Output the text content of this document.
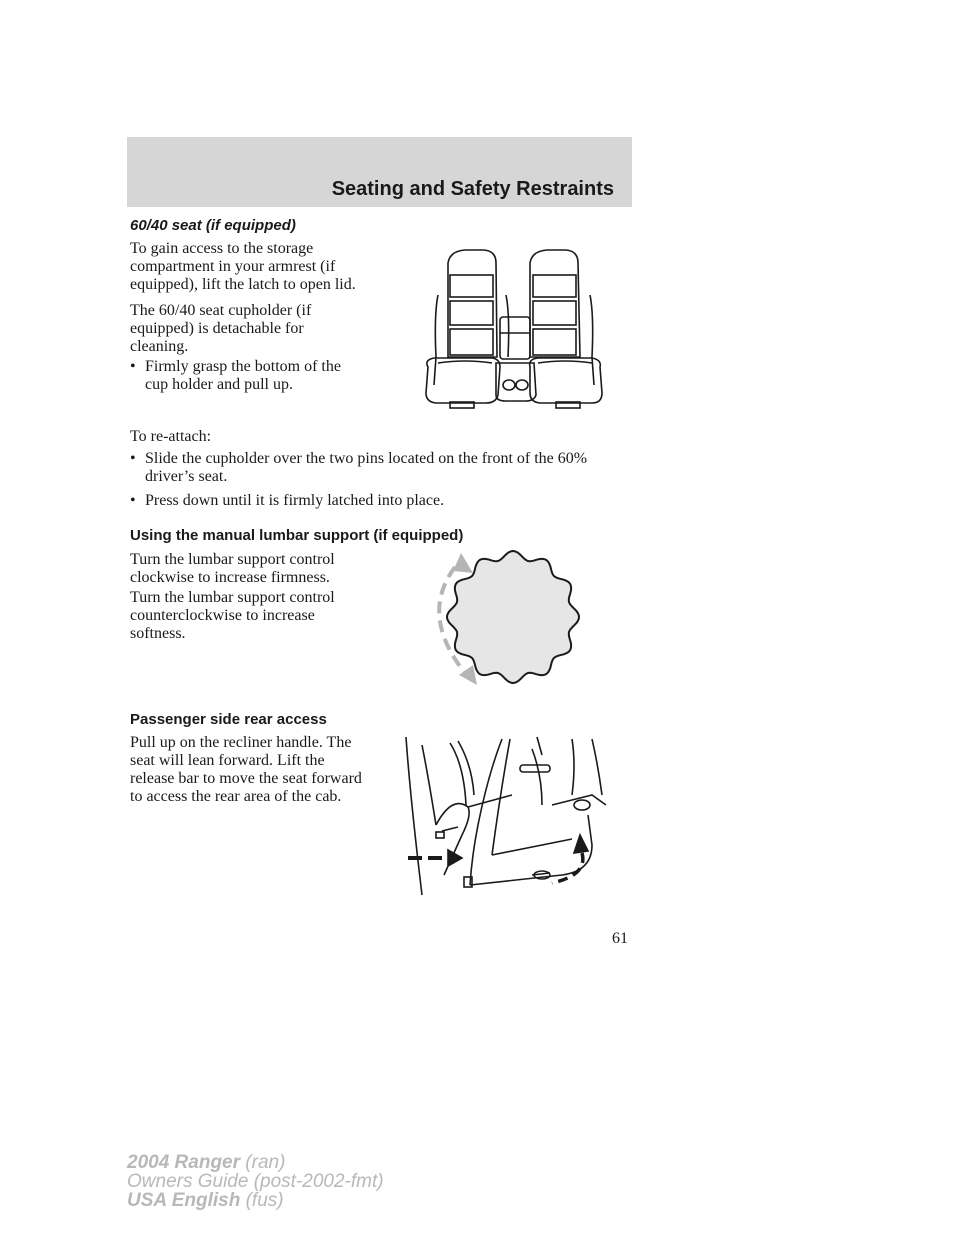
Seating and Safety Restraints
60/40 seat (if equipped)
To gain access to the storage
compartment in your armrest (if
equipped), lift the latch to open lid.
The 60/40 seat cupholder (if
equipped) is detachable for
cleaning.
• Firmly grasp the bottom of the
cup holder and pull up.
To re-attach:
• Slide the cupholder over the two pins located on the front of the 60%
driver’s seat.
• Press down until it is firmly latched into place.
Using the manual lumbar support (if equipped)
Turn the lumbar support control
clockwise to increase firmness.
Turn the lumbar support control
counterclockwise to increase
softness.
Passenger side rear access
Pull up on the recliner handle. The
seat will lean forward. Lift the
release bar to move the seat forward
to access the rear area of the cab.
61
2004 Ranger (ran)
Owners Guide (post-2002-fmt)
USA English (fus)
